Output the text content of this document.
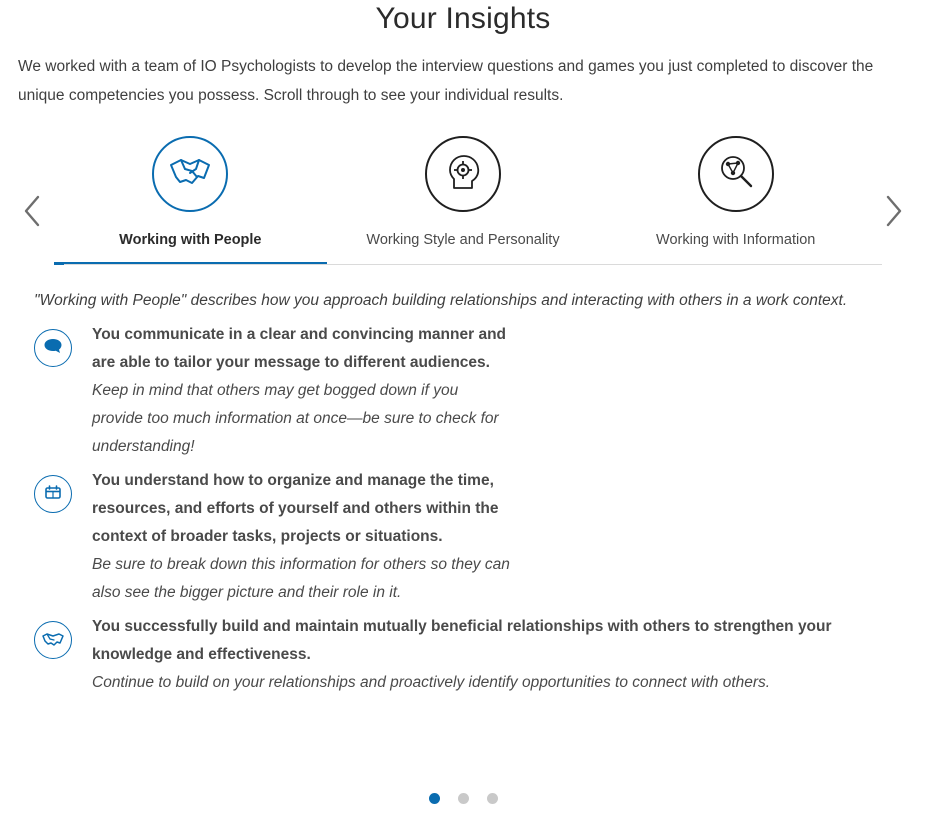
Your Insights

We worked with a team of IO Psychologists to develop the interview questions and games you just completed to discover the unique competencies you possess. Scroll through to see your individual results.

Working with People	Working Style and Personality	Working with Information

"Working with People" describes how you approach building relationships and interacting with others in a work context.

You communicate in a clear and convincing manner and are able to tailor your message to different audiences.
Keep in mind that others may get bogged down if you provide too much information at once—be sure to check for understanding!
You understand how to organize and manage the time, resources, and efforts of yourself and others within the context of broader tasks, projects or situations.
Be sure to break down this information for others so they can also see the bigger picture and their role in it.
You successfully build and maintain mutually beneficial relationships with others to strengthen your knowledge and effectiveness.
Continue to build on your relationships and proactively identify opportunities to connect with others.
